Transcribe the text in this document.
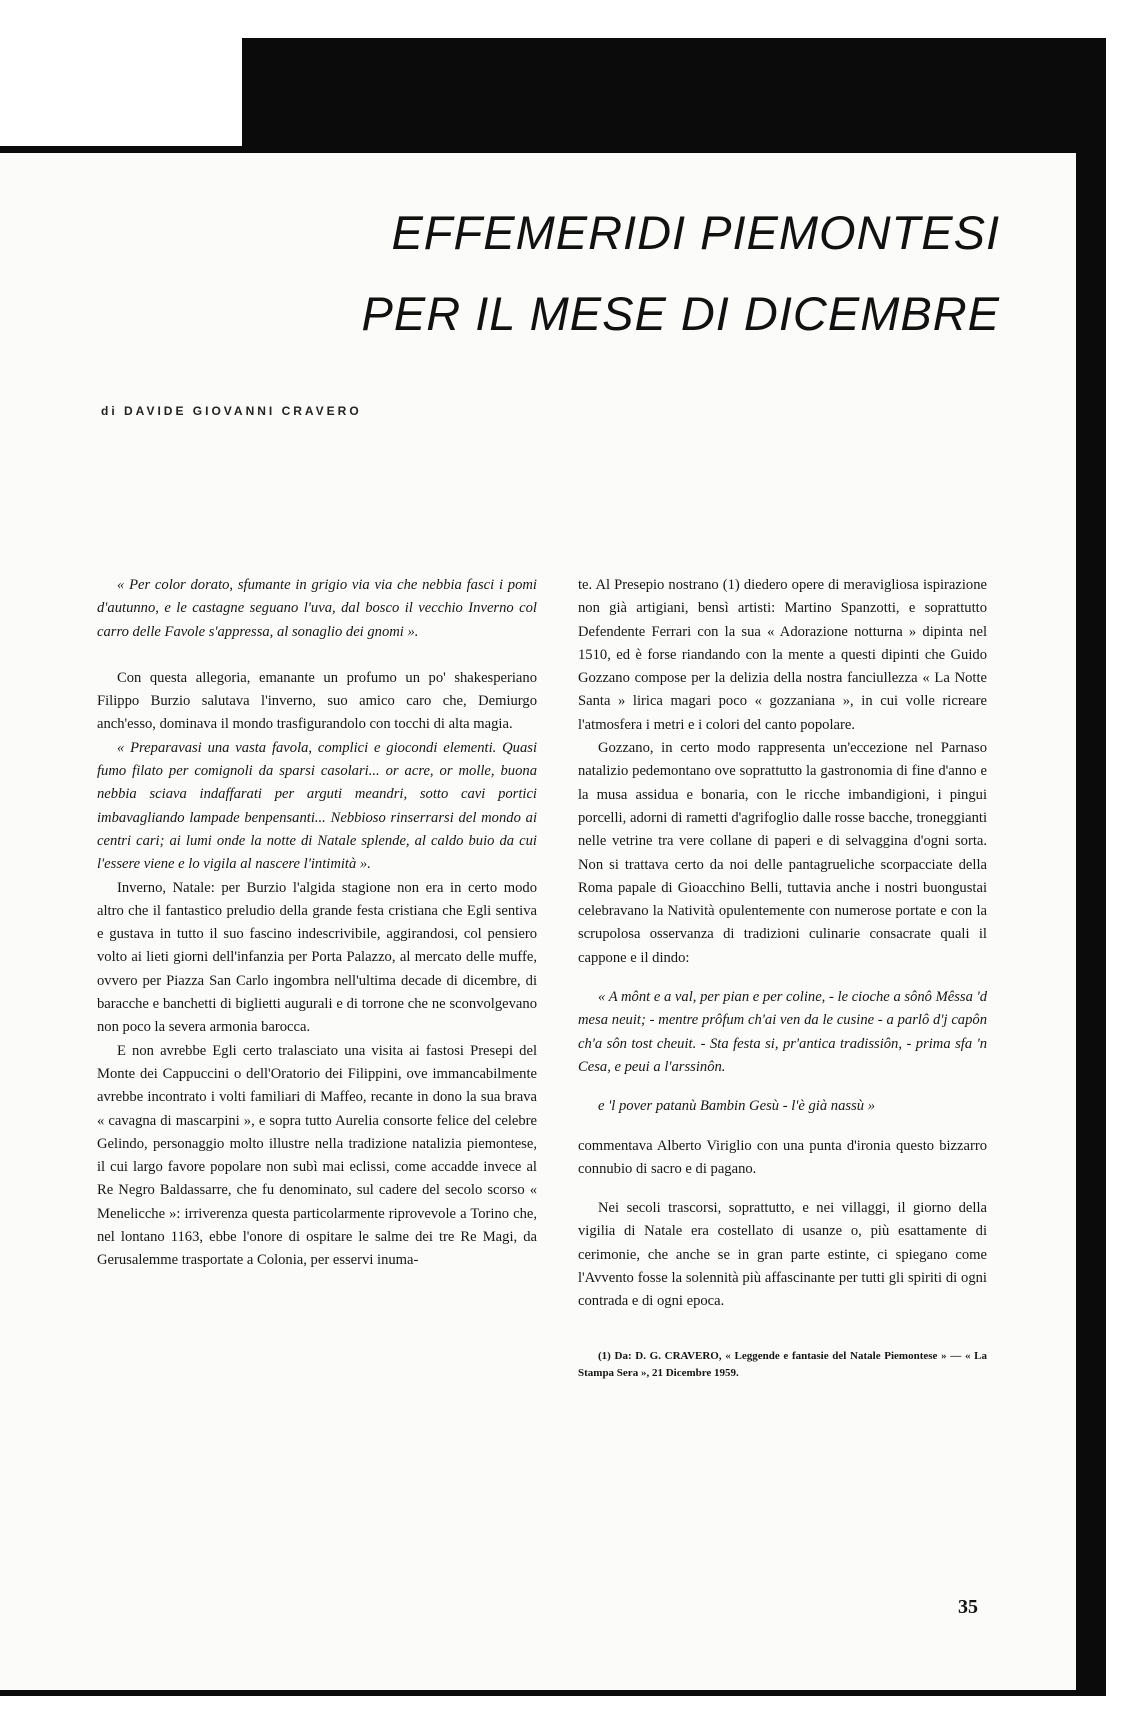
EFFEMERIDI PIEMONTESI
PER IL MESE DI DICEMBRE
di DAVIDE GIOVANNI CRAVERO

« Per color dorato, sfumante in grigio via via che nebbia fasci i pomi d'autunno, e le castagne seguano l'uva, dal bosco il vecchio Inverno col carro delle Favole s'appressa, al sonaglio dei gnomi ».

Con questa allegoria, emanante un profumo un po' shakesperiano Filippo Burzio salutava l'inverno, suo amico caro che, Demiurgo anch'esso, dominava il mondo trasfigurandolo con tocchi di alta magia.

« Preparavasi una vasta favola, complici e giocondi elementi. Quasi fumo filato per comignoli da sparsi casolari... or acre, or molle, buona nebbia sciava indaffarati per arguti meandri, sotto cavi portici imbavagliando lampade benpensanti... Nebbioso rinserrarsi del mondo ai centri cari; ai lumi onde la notte di Natale splende, al caldo buio da cui l'essere viene e lo vigila al nascere l'intimità ».

Inverno, Natale: per Burzio l'algida stagione non era in certo modo altro che il fantastico preludio della grande festa cristiana che Egli sentiva e gustava in tutto il suo fascino indescrivibile, aggirandosi, col pensiero volto ai lieti giorni dell'infanzia per Porta Palazzo, al mercato delle muffe, ovvero per Piazza San Carlo ingombra nell'ultima decade di dicembre, di baracche e banchetti di biglietti augurali e di torrone che ne sconvolgevano non poco la severa armonia barocca.

E non avrebbe Egli certo tralasciato una visita ai fastosi Presepi del Monte dei Cappuccini o dell'Oratorio dei Filippini, ove immancabilmente avrebbe incontrato i volti familiari di Maffeo, recante in dono la sua brava « cavagna di mascarpini », e sopra tutto Aurelia consorte felice del celebre Gelindo, personaggio molto illustre nella tradizione natalizia piemontese, il cui largo favore popolare non subì mai eclissi, come accadde invece al Re Negro Baldassarre, che fu denominato, sul cadere del secolo scorso « Menelicche »: irriverenza questa particolarmente riprovevole a Torino che, nel lontano 1163, ebbe l'onore di ospitare le salme dei tre Re Magi, da Gerusalemme trasportate a Colonia, per esservi inuma-

te. Al Presepio nostrano (1) diedero opere di meravigliosa ispirazione non già artigiani, bensì artisti: Martino Spanzotti, e soprattutto Defendente Ferrari con la sua « Adorazione notturna » dipinta nel 1510, ed è forse riandando con la mente a questi dipinti che Guido Gozzano compose per la delizia della nostra fanciullezza « La Notte Santa » lirica magari poco « gozzaniana », in cui volle ricreare l'atmosfera i metri e i colori del canto popolare.

Gozzano, in certo modo rappresenta un'eccezione nel Parnaso natalizio pedemontano ove soprattutto la gastronomia di fine d'anno e la musa assidua e bonaria, con le ricche imbandigioni, i pingui porcelli, adorni di rametti d'agrifoglio dalle rosse bacche, troneggianti nelle vetrine tra vere collane di paperi e di selvaggina d'ogni sorta. Non si trattava certo da noi delle pantagrueliche scorpacciate della Roma papale di Gioacchino Belli, tuttavia anche i nostri buongustai celebravano la Natività opulentemente con numerose portate e con la scrupolosa osservanza di tradizioni culinarie consacrate quali il cappone e il dindo:

« A mônt e a val, per pian e per coline, - le cioche a sônô Mêssa 'd mesa neuit; - mentre prôfum ch'ai ven da le cusine - a parlô d'j capôn ch'a sôn tost cheuit. - Sta festa si, pr'antica tradissiôn, - prima sfa 'n Cesa, e peui a l'arssinôn.

e 'l pover patanù Bambin Gesù - l'è già nassù »

commentava Alberto Viriglio con una punta d'ironia questo bizzarro connubio di sacro e di pagano.

Nei secoli trascorsi, soprattutto, e nei villaggi, il giorno della vigilia di Natale era costellato di usanze o, più esattamente di cerimonie, che anche se in gran parte estinte, ci spiegano come l'Avvento fosse la solennità più affascinante per tutti gli spiriti di ogni contrada e di ogni epoca.

(1) Da: D. G. CRAVERO, « Leggende e fantasie del Natale Piemontese » — « La Stampa Sera », 21 Dicembre 1959.

35
